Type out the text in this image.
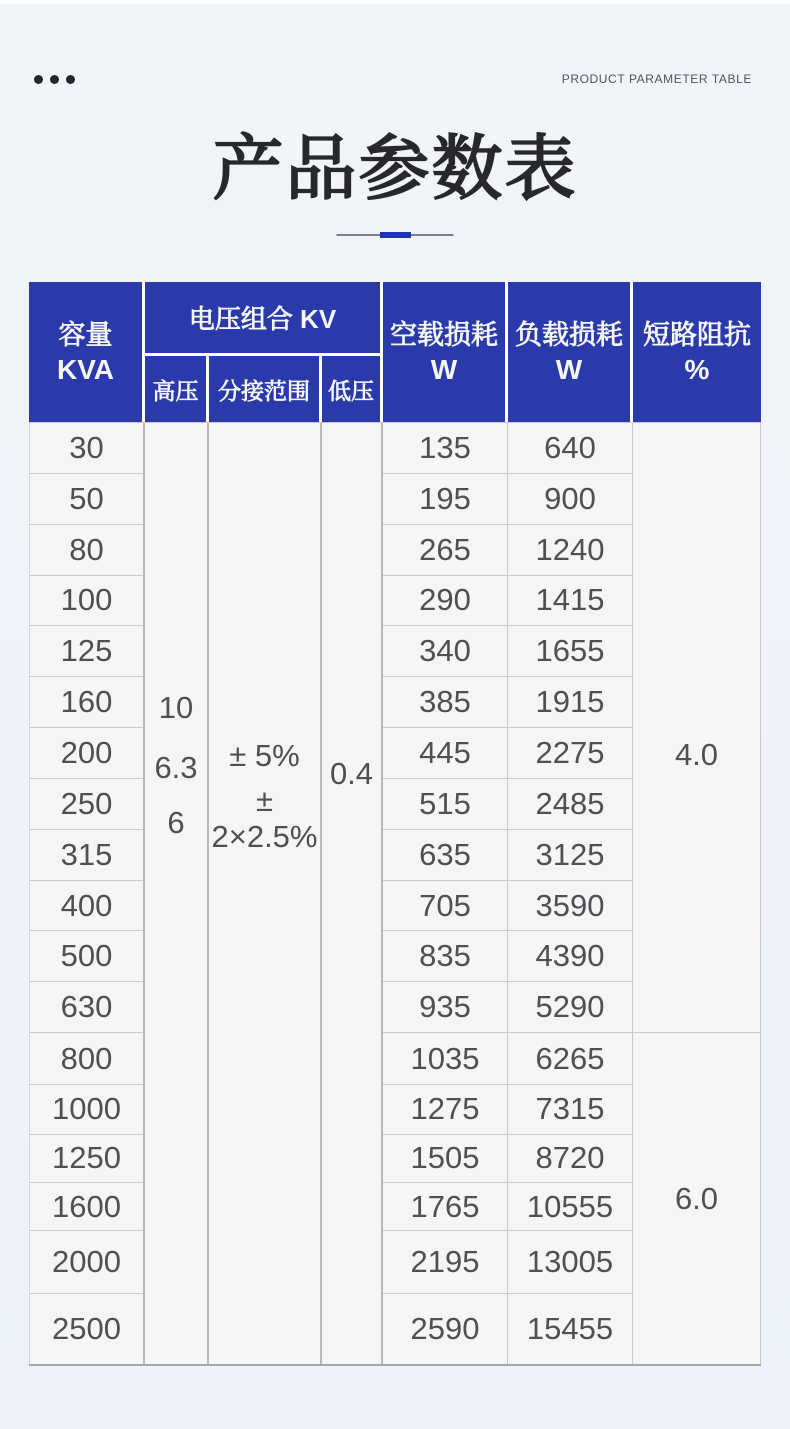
PRODUCT PARAMETER TABLE
产品参数表
容量
KVA
电压组合 KV
高压 分接范围 低压
空载损耗
W
负载损耗
W
短路阻抗
%
30
50
80
100
125
160
200
250
315
400
500
630
800
1000
1250
1600
2000
2500
10
6.3
6
± 5%
± 2×2.5%
0.4
135
195
265
290
340
385
445
515
635
705
835
935
1035
1275
1505
1765
2195
2590
640
900
1240
1415
1655
1915
2275
2485
3125
3590
4390
5290
6265
7315
8720
10555
13005
15455
4.0
6.0
